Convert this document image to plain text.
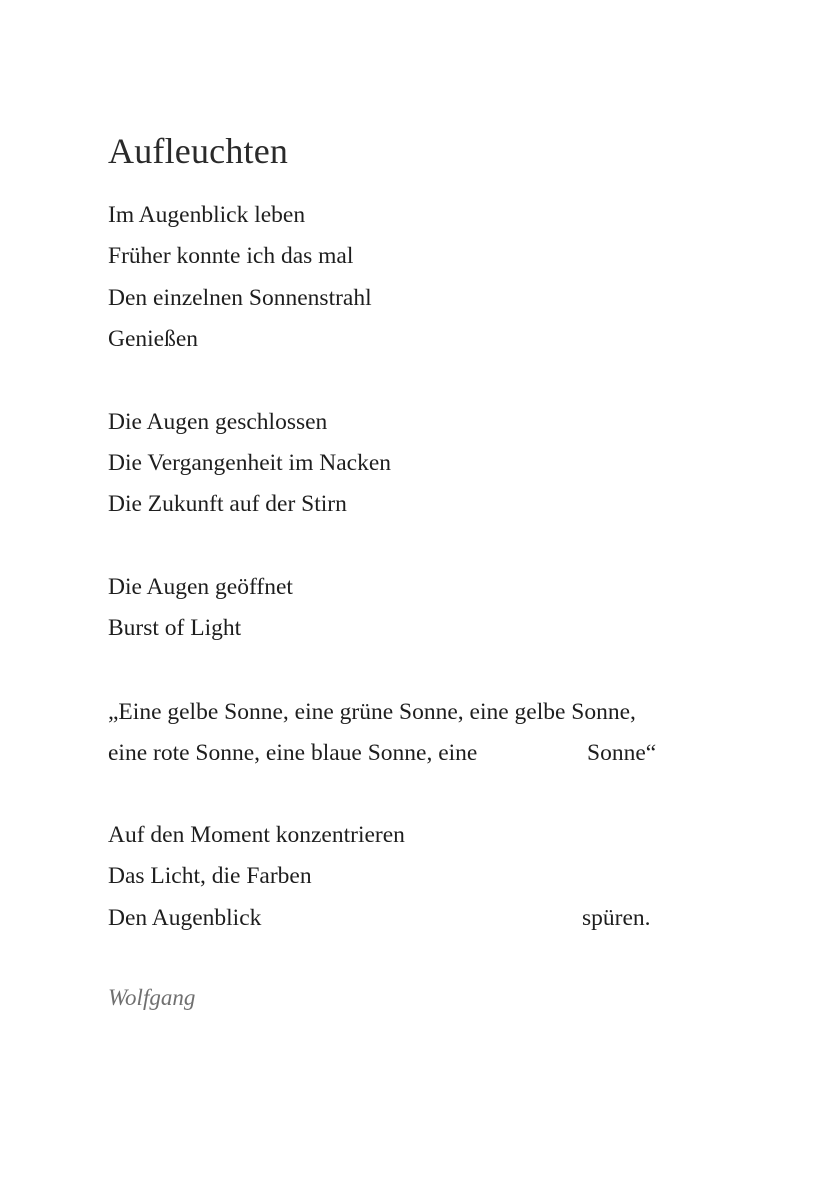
Aufleuchten
Im Augenblick leben
Früher konnte ich das mal
Den einzelnen Sonnenstrahl
Genießen
Die Augen geschlossen
Die Vergangenheit im Nacken
Die Zukunft auf der Stirn
Die Augen geöffnet
Burst of Light
„Eine gelbe Sonne, eine grüne Sonne, eine gelbe Sonne,
eine rote Sonne, eine blaue Sonne, eine	Sonne“
Auf den Moment konzentrieren
Das Licht, die Farben
Den Augenblick	spüren.
Wolfgang
